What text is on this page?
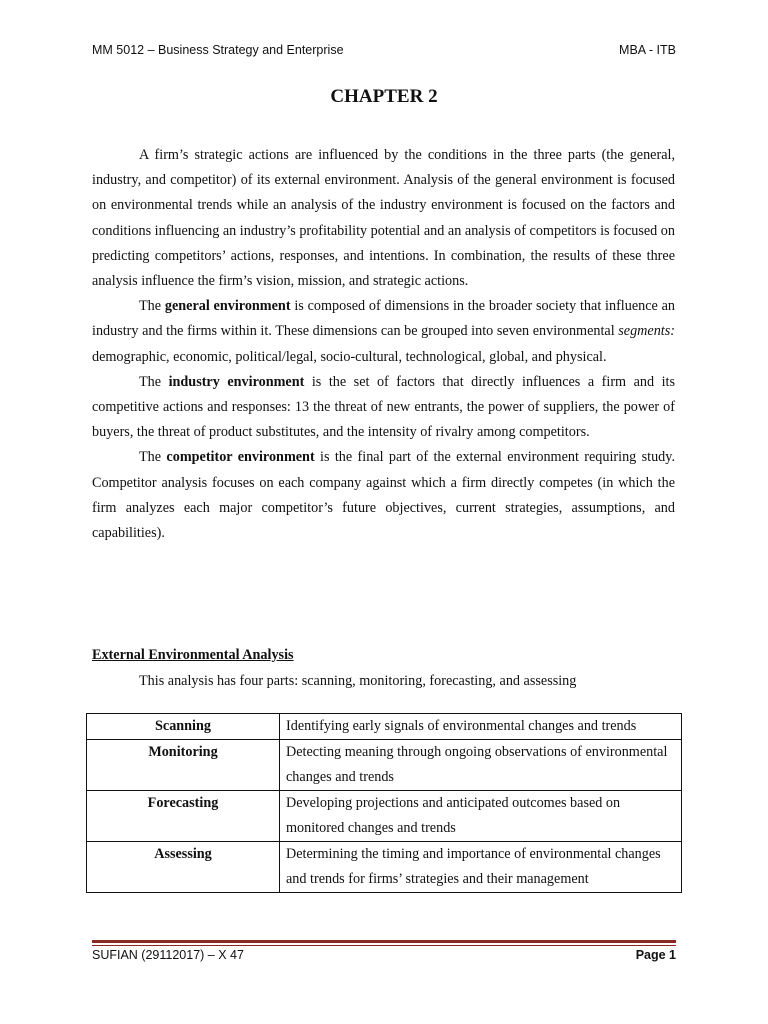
MM 5012 – Business Strategy and Enterprise	MBA - ITB
CHAPTER 2

A firm’s strategic actions are influenced by the conditions in the three parts (the general, industry, and competitor) of its external environment. Analysis of the general environment is focused on environmental trends while an analysis of the industry environment is focused on the factors and conditions influencing an industry’s profitability potential and an analysis of competitors is focused on predicting competitors’ actions, responses, and intentions. In combination, the results of these three analysis influence the firm’s vision, mission, and strategic actions.

The general environment is composed of dimensions in the broader society that influence an industry and the firms within it. These dimensions can be grouped into seven environmental segments: demographic, economic, political/legal, socio-cultural, technological, global, and physical.

The industry environment is the set of factors that directly influences a firm and its competitive actions and responses: 13 the threat of new entrants, the power of suppliers, the power of buyers, the threat of product substitutes, and the intensity of rivalry among competitors.

The competitor environment is the final part of the external environment requiring study. Competitor analysis focuses on each company against which a firm directly competes (in which the firm analyzes each major competitor’s future objectives, current strategies, assumptions, and capabilities).

External Environmental Analysis
This analysis has four parts: scanning, monitoring, forecasting, and assessing
Scanning	Identifying early signals of environmental changes and trends
Monitoring	Detecting meaning through ongoing observations of environmental changes and trends
Forecasting	Developing projections and anticipated outcomes based on monitored changes and trends
Assessing	Determining the timing and importance of environmental changes and trends for firms’ strategies and their management
SUFIAN (29112017) – X 47	Page 1
